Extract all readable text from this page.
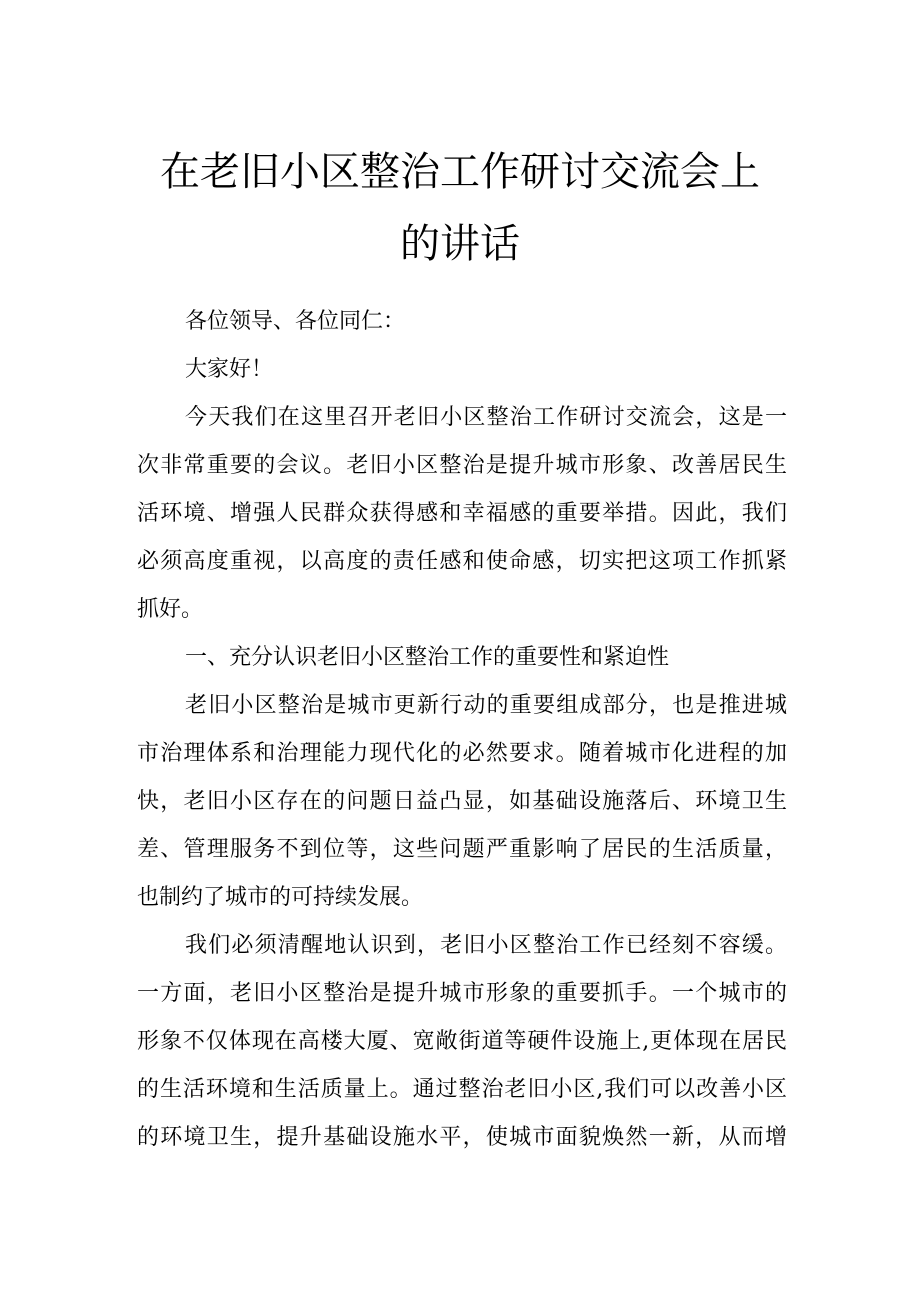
在老旧小区整治工作研讨交流会上
的讲话
各位领导、各位同仁：
大家好！
今天我们在这里召开老旧小区整治工作研讨交流会，这是一
次非常重要的会议。老旧小区整治是提升城市形象、改善居民生
活环境、增强人民群众获得感和幸福感的重要举措。因此，我们
必须高度重视，以高度的责任感和使命感，切实把这项工作抓紧
抓好。
一、充分认识老旧小区整治工作的重要性和紧迫性
老旧小区整治是城市更新行动的重要组成部分，也是推进城
市治理体系和治理能力现代化的必然要求。随着城市化进程的加
快，老旧小区存在的问题日益凸显，如基础设施落后、环境卫生
差、管理服务不到位等，这些问题严重影响了居民的生活质量，
也制约了城市的可持续发展。
我们必须清醒地认识到，老旧小区整治工作已经刻不容缓。
一方面，老旧小区整治是提升城市形象的重要抓手。一个城市的
形象不仅体现在高楼大厦、宽敞街道等硬件设施上,更体现在居民
的生活环境和生活质量上。通过整治老旧小区,我们可以改善小区
的环境卫生，提升基础设施水平，使城市面貌焕然一新，从而增
